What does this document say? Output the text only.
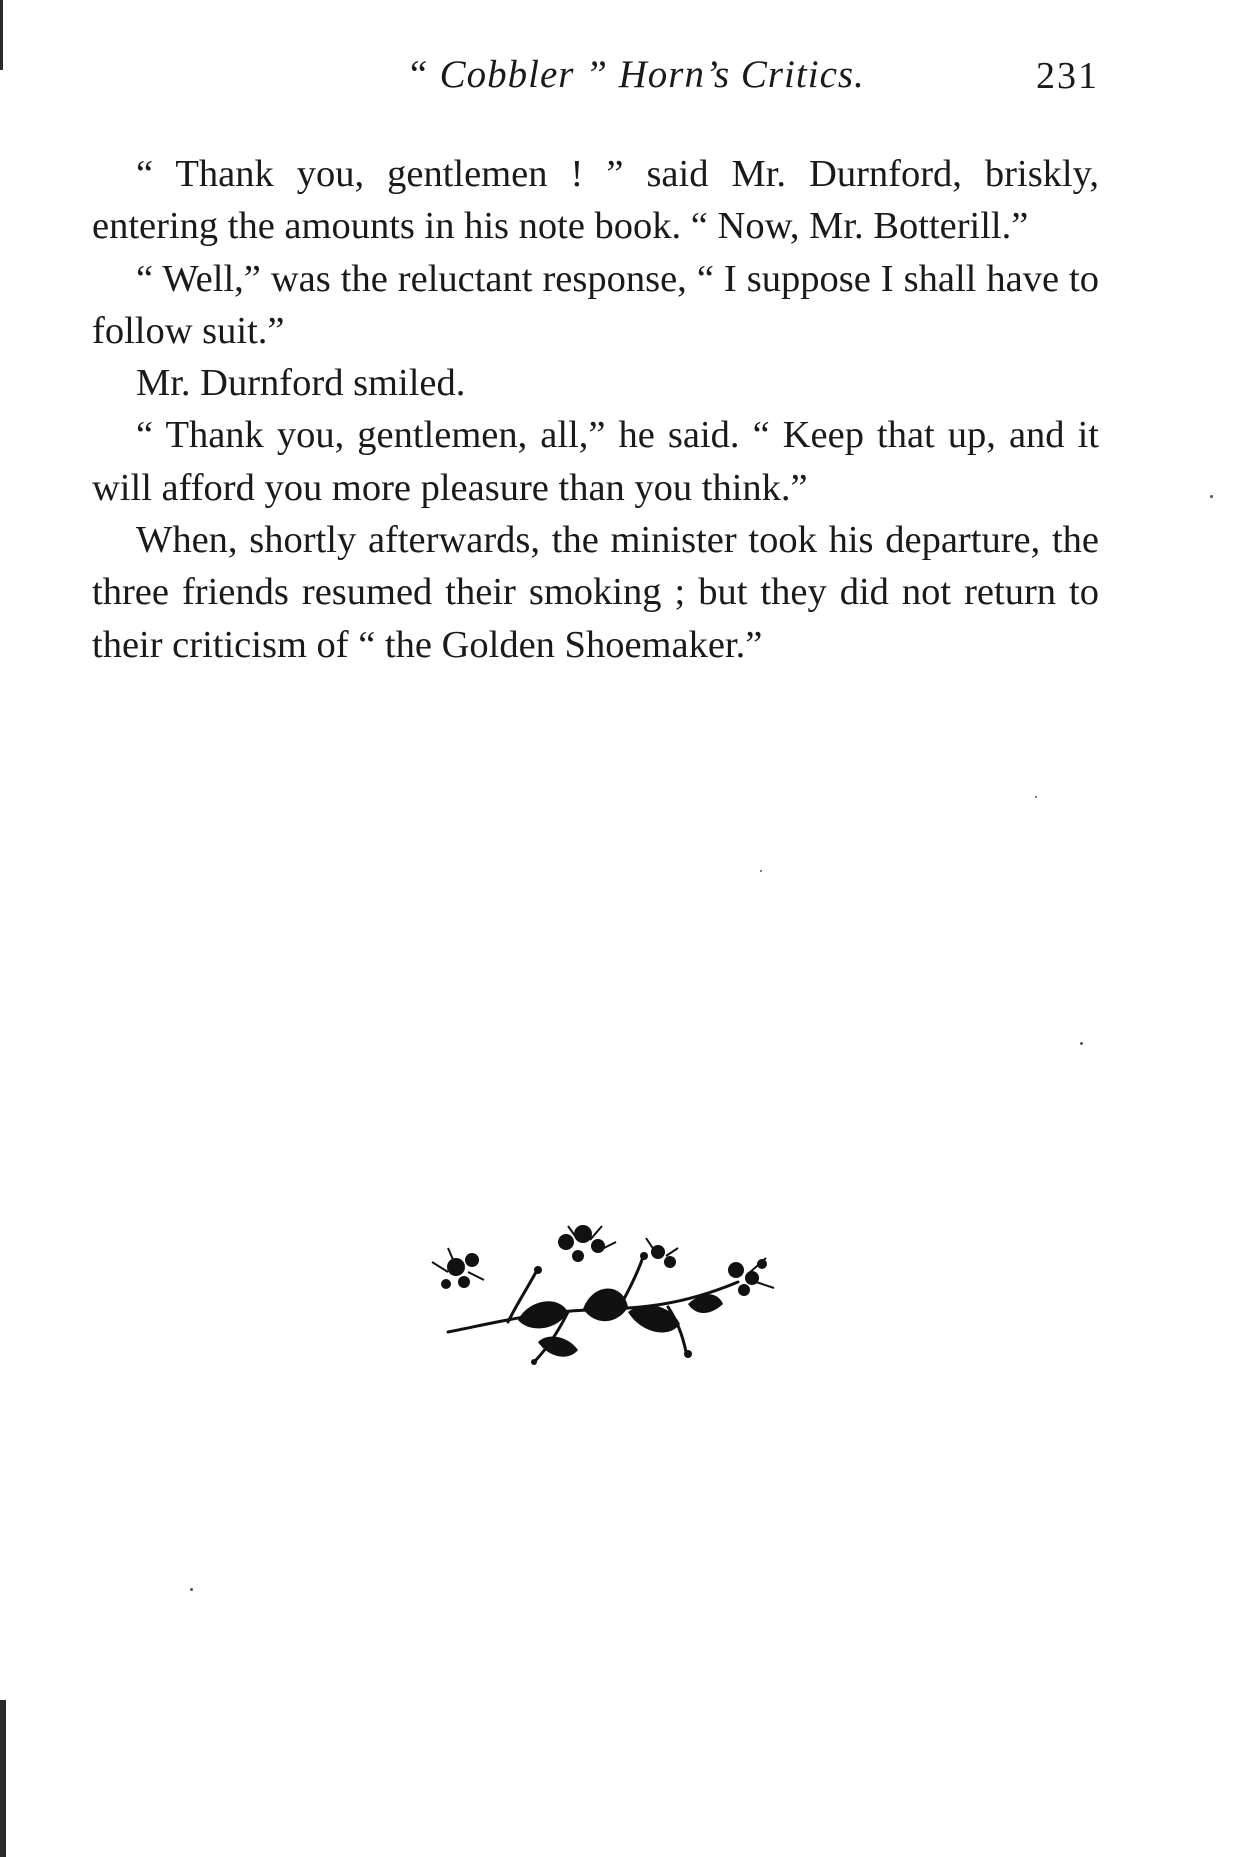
“ Cobbler ” Horn’s Critics.	231

“ Thank you, gentlemen ! ” said Mr. Durnford, briskly, entering the amounts in his note book. “ Now, Mr. Botterill.”

“ Well,” was the reluctant response, “ I suppose I shall have to follow suit.”

Mr. Durnford smiled.

“ Thank you, gentlemen, all,” he said. “ Keep that up, and it will afford you more pleasure than you think.”

When, shortly afterwards, the minister took his departure, the three friends resumed their smoking ; but they did not return to their criticism of “ the Golden Shoemaker.”
